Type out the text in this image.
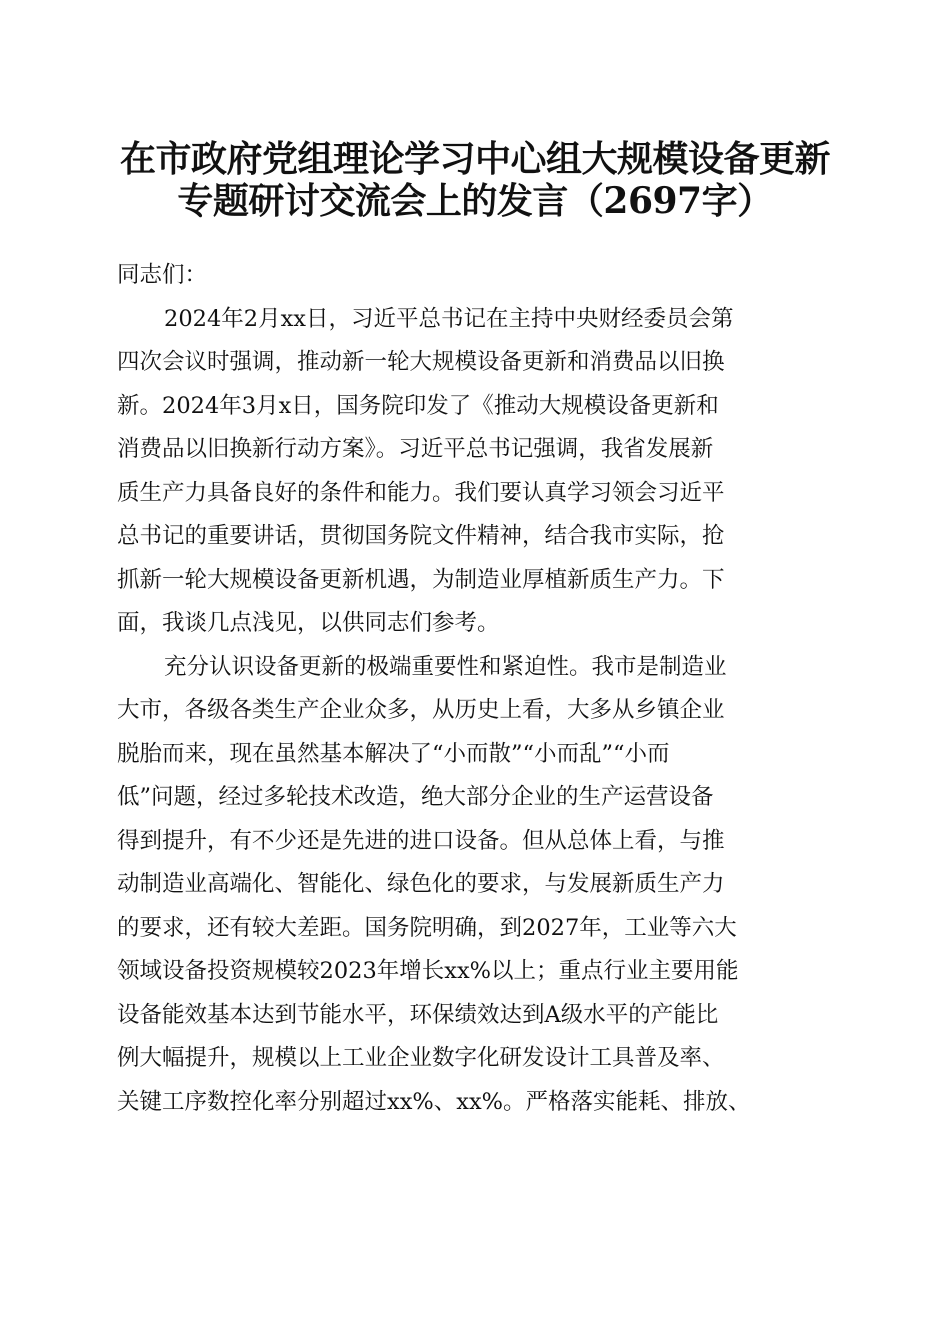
在市政府党组理论学习中心组大规模设备更新
专题研讨交流会上的发言（2697字）
同志们：
2024年2月xx日，习近平总书记在主持中央财经委员会第
四次会议时强调，推动新一轮大规模设备更新和消费品以旧换
新。2024年3月x日，国务院印发了《推动大规模设备更新和
消费品以旧换新行动方案》。习近平总书记强调，我省发展新
质生产力具备良好的条件和能力。我们要认真学习领会习近平
总书记的重要讲话，贯彻国务院文件精神，结合我市实际，抢
抓新一轮大规模设备更新机遇，为制造业厚植新质生产力。下
面，我谈几点浅见，以供同志们参考。
充分认识设备更新的极端重要性和紧迫性。我市是制造业
大市，各级各类生产企业众多，从历史上看，大多从乡镇企业
脱胎而来，现在虽然基本解决了“小而散”“小而乱”“小而
低”问题，经过多轮技术改造，绝大部分企业的生产运营设备
得到提升，有不少还是先进的进口设备。但从总体上看，与推
动制造业高端化、智能化、绿色化的要求，与发展新质生产力
的要求，还有较大差距。国务院明确，到2027年，工业等六大
领域设备投资规模较2023年增长xx%以上；重点行业主要用能
设备能效基本达到节能水平，环保绩效达到A级水平的产能比
例大幅提升，规模以上工业企业数字化研发设计工具普及率、
关键工序数控化率分别超过xx%、xx%。严格落实能耗、排放、
